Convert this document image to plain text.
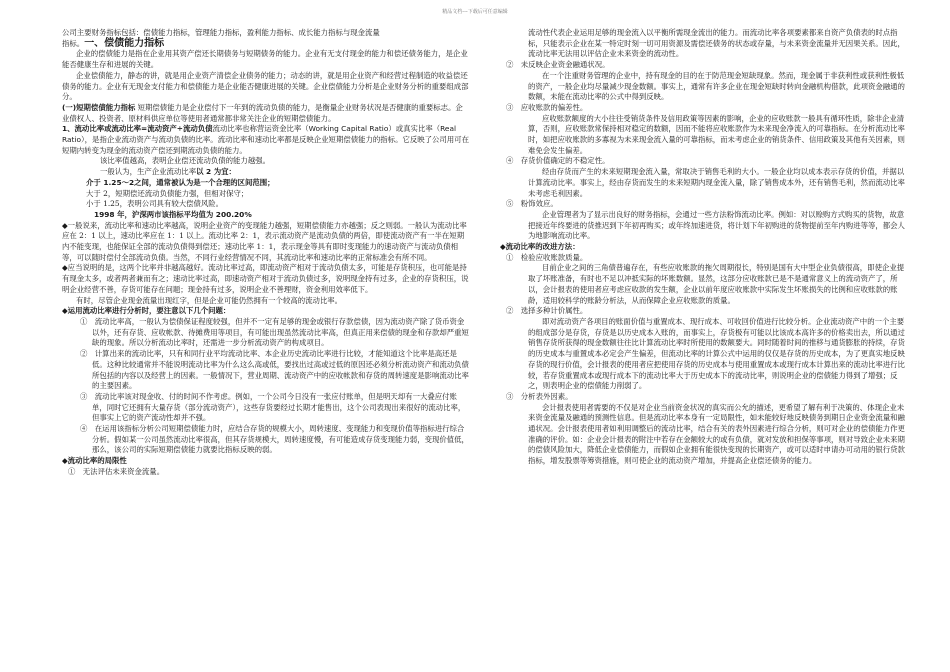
精品文档---下载后可任意编辑

公司主要财务指标包括：偿债能力指标，管理能力指标，盈利能力指标、成长能力指标与现金流量

指标。一、偿债能力指标

企业的偿债能力是指在企业用其资产偿还长期债务与短期债务的能力。企业有无支付现金的能力和偿还债务能力，是企业能否健康生存和进展的关键。

企业偿债能力，静态的讲，就是用企业资产清偿企业债务的能力；动态的讲，就是用企业资产和经营过程制造的收益偿还债务的能力。企业有无现金支付能力和偿债能力是企业能否健康进展的关键。企业偿债能力分析是企业财务分析的重要组成部分。

(一)短期偿债能力指标 短期偿债能力是企业偿付下一年到的流动负债的能力，是衡量企业财务状况是否健康的重要标志。企业债权人、投资者、原材料供应单位等使用者通常都非常关注企业的短期偿债能力。

1、流动比率或流动比率=流动资产÷流动负债流动比率也称营运资金比率（Working Capital Ratio）或真实比率（Real Ratio），是指企业流动资产与流动负债的比率。流动比率和速动比率都是反映企业短期偿债能力的指标。它反映了公司用可在短期内转变为现金的流动资产偿还到期流动负债的能力。

该比率值越高，表明企业偿还流动负债的能力越强。

一般认为，生产企业流动比率以 2 为宜：

介于 1.25～2之间，通常被认为是一个合理的区间范围；

大于 2，短期偿还流动负债能力强，但相对保守；

小于 1.25，表明公司具有较大偿债风险。

1998 年，沪深两市该指标平均值为 200.20%

◆一般说来，流动比率和速动比率越高，说明企业资产的变现能力越强，短期偿债能力亦越强；反之则弱。一般认为流动比率应在 2：1 以上，速动比率应在 1：1 以上。流动比率 2：1，表示流动资产是流动负债的两倍，即使流动资产有一半在短期内不能变现，也能保证全部的流动负债得到偿还；速动比率 1：1，表示现金等具有即时变现能力的速动资产与流动负债相等，可以随时偿付全部流动负债。当然，不同行业经营情况不同，其流动比率和速动比率的正常标准会有所不同。

◆应当说明的是，这两个比率并非越高越好。流动比率过高，即流动资产相对于流动负债太多，可能是存货积压，也可能是持有现金太多，或者两者兼而有之；速动比率过高，即速动资产相对于流动负债过多，说明现金持有过多，企业的存货积压，说明企业经营不善，存货可能存在问题；现金持有过多，说明企业不善理财，资金利用效率低下。

有时，尽管企业现金流量出现红字，但是企业可能仍然拥有一个较高的流动比率。

◆运用流动比率进行分析时，要注意以下几个问题：

①　流动比率高，一般认为偿债保证程度较强，但并不一定有足够的现金或银行存款偿债，因为流动资产除了货币资金以外，还有存货、应收帐款、待摊费用等项目，有可能出现虽然流动比率高，但真正用来偿债的现金和存款却严重短缺的现象。所以分析流动比率时，还需进一步分析流动资产的构成项目。

②　计算出来的流动比率，只有和同行业平均流动比率、本企业历史流动比率进行比较，才能知道这个比率是高还是低。这种比较通常并不能说明流动比率为什么这么高或低，要找出过高或过低的原因还必须分析流动资产和流动负债所包括的内容以及经营上的因素。一般情况下，营业周期、流动资产中的应收帐款和存货的周转速度是影响流动比率的主要因素。

③　流动比率该对现金收、付的时间不作考虑。例如，一个公司今日没有一张应付账单，但是明天却有一大叠应付账单，同时它还拥有大量存货（部分流动资产），这些存货要经过长期才能售出，这个公司表现出来很好的流动比率，但事实上它的资产流动性却并不强。

④　在运用该指标分析公司短期偿债能力时，应结合存货的规模大小，周转速度、变现能力和变现价值等指标进行综合分析。假如某一公司虽然流动比率很高，但其存货规模大，周转速度慢，有可能造成存货变现能力弱，变现价值低，那么，该公司的实际短期偿债能力就要比指标反映的弱。

◆流动比率的局限性

①　无法评估未来资金流量。

流动性代表企业运用足够的现金流入以平衡所需现金流出的能力。而流动比率各项要素都来自资产负债表的时点指标，只能表示企业在某一特定时刻一切可用资源及需偿还债务的状态或存量，与未来资金流量并无因果关系。因此，流动比率无法用以评估企业未来资金的流动性。

②　未反映企业资金融通状况。

在一个注重财务管理的企业中，持有现金的目的在于防范现金短缺现象。然而，现金属于非获利性或获利性极低的资产，一般企业均尽量减少现金数额。事实上，通常有许多企业在现金短缺时转向金融机构借款，此项资金融通的数额，未能在流动比率的公式中得到反映。

③　应收账款的偏差性。

应收账款额度的大小往往受销货条件及信用政策等因素的影响，企业的应收账款一般具有循环性质，除非企业清算，否则，应收账款常保持相对稳定的数额，因而不能将应收账款作为未来现金净流入的可靠指标。在分析流动比率时，如把应收账款的多寡视为未来现金流入量的可靠指标，而未考虑企业的销货条件、信用政策及其他有关因素，则难免会发生偏差。

④　存货价值确定的不稳定性。

经由存货而产生的未来短期现金流入量，常取决于销售毛利的大小。一般企业均以成本表示存货的价值，并据以计算流动比率。事实上，经由存货而发生的未来短期内现金流入量，除了销售成本外，还有销售毛利，然而流动比率未考虑毛利因素。

⑤　粉饰效应。

企业管理者为了显示出良好的财务指标，会通过一些方法粉饰流动比率。例如：对以赊购方式购买的货物，故意把接近年终要进的货推迟到下年初再购买；或年终加速进货，将计划下年初购进的货物提前至年内购进等等，都会人为地影响流动比率。

◆流动比率的改进方法：

①　检验应收账款质量。

目前企业之间的三角债普遍存在，有些应收账款的拖欠周期很长，特别是国有大中型企业负债很高，即使企业提取了坏账准备，有时也不足以冲抵实际的坏账数额。显然，这部分应收账款已是不是通常意义上的流动资产了，所以，会计报表的使用者应考虑应收款的发生额，企业以前年度应收账款中实际发生坏账损失的比例和应收账款的账龄，适用较科学的账龄分析法，从而保障企业应收账款的质量。

②　选择多种计价属性。

即对流动资产各项目的账面价值与重置成本、现行成本、可收回价值进行比较分析。企业流动资产中的一个主要的组成部分是存货，存货是以历史成本入账的，而事实上，存货极有可能以比该成本高许多的价格卖出去，所以通过销售存货所获得的现金数额往往比计算流动比率时所使用的数额要大。同时随着时间的推移与通货膨胀的持续，存货的历史成本与重置成本必定会产生偏差，但流动比率的计算公式中运用的仅仅是存货的历史成本，为了更真实地反映存货的现行价值，会计报表的使用者应把使用存货的历史成本与使用重置成本或现行成本计算出来的流动比率进行比较，若存货重置成本或现行成本下的流动比率大于历史成本下的流动比率，则说明企业的偿债能力得到了增强；反之，则表明企业的偿债能力削弱了。

③　分析表外因素。

会计报表使用者需要的不仅是对企业当前资金状况的真实而公允的描述，更希望了解有利于决策的、体现企业未来资金流量及融通的预测性信息。但是流动比率本身有一定局限性，如未能较好地反映债务到期日企业资金流量和融通状况。会计报表使用者如利用调整后的流动比率，结合有关的表外因素进行综合分析，则可对企业的偿债能力作更准确的评价。如：企业会计报表的附注中若存在金额较大的或有负债，就对发放和担保等事项，则对导致企业未来期的偿债风险加大，降低企业偿债能力，而假如企业拥有能很快变现的长期资产，或可以适时申请办可动用的银行贷款指标，增发股票等筹资措施，则可使企业的流动资产增加，并提高企业偿还债务的能力。
